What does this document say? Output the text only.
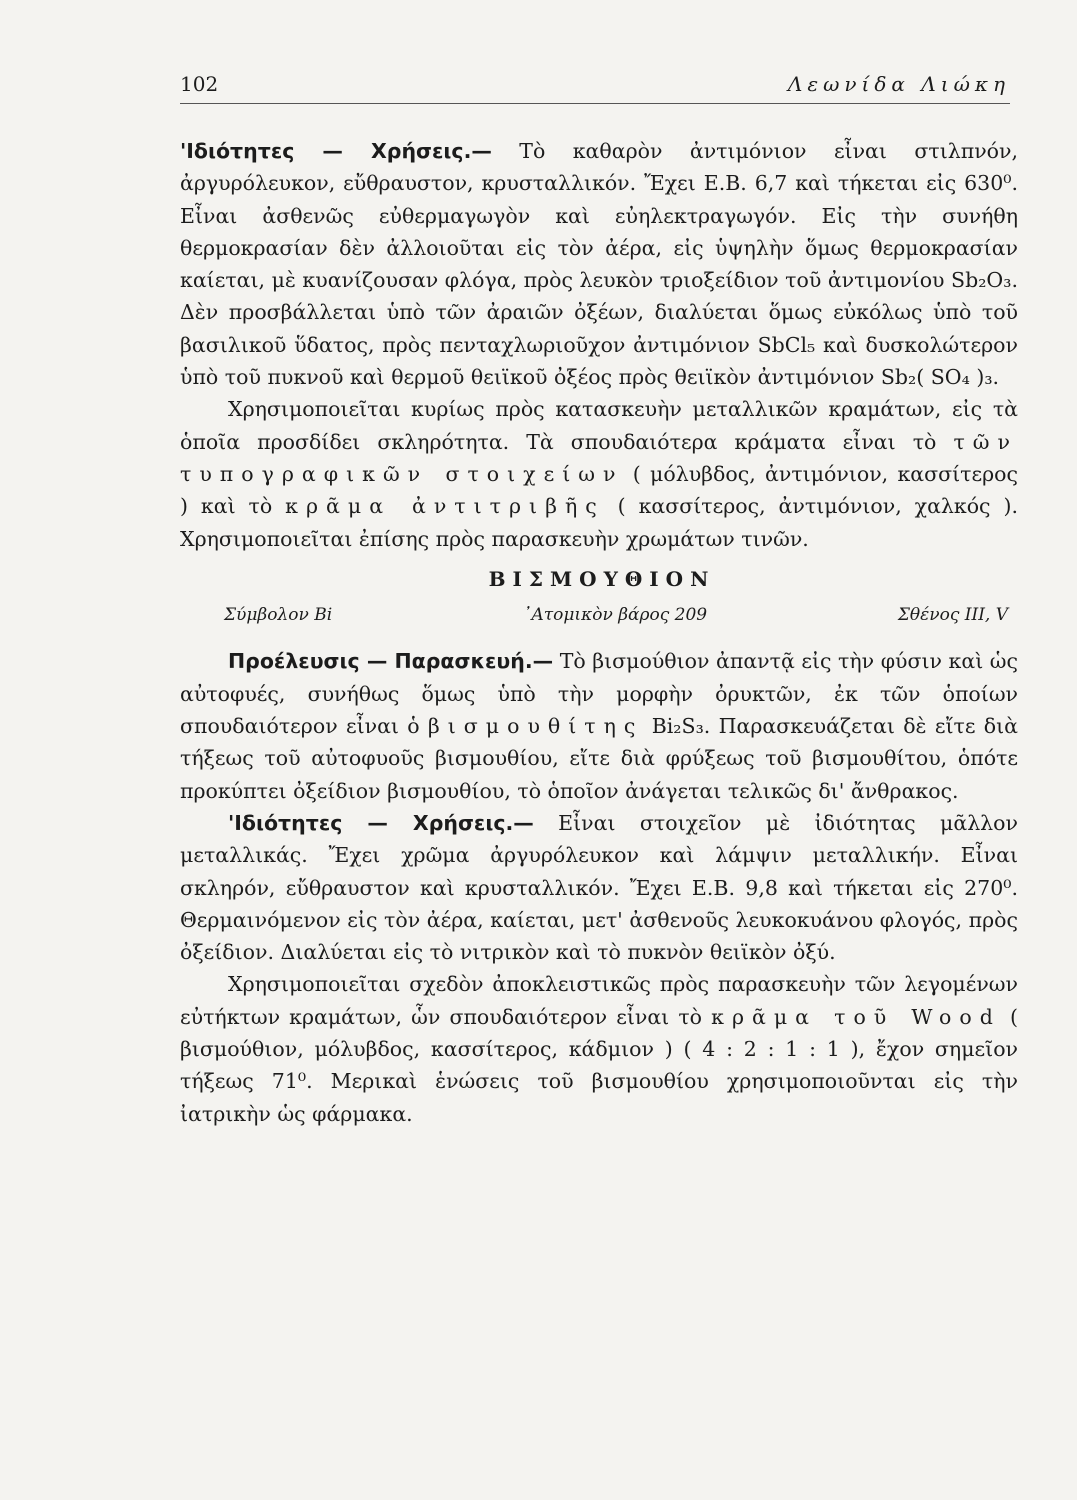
102	Λεωνίδα Λιώκη

'Ιδιότητες — Χρήσεις.— Τὸ καθαρὸν ἀντιμόνιον εἶναι στιλπνόν, ἀργυρόλευκον, εὔθραυστον, κρυσταλλικόν. Ἔχει Ε.Β. 6,7 καὶ τήκεται εἰς 630⁰. Εἶναι ἀσθενῶς εὐθερμαγωγὸν καὶ εὐηλεκτραγωγόν. Εἰς τὴν συνήθη θερμοκρασίαν δὲν ἀλλοιοῦται εἰς τὸν ἀέρα, εἰς ὑψηλὴν ὅμως θερμοκρασίαν καίεται, μὲ κυανίζουσαν φλόγα, πρὸς λευκὸν τριοξείδιον τοῦ ἀντιμονίου Sb₂O₃. Δὲν προσβάλλεται ὑπὸ τῶν ἀραιῶν ὀξέων, διαλύεται ὅμως εὐκόλως ὑπὸ τοῦ βασιλικοῦ ὕδατος, πρὸς πενταχλωριοῦχον ἀντιμόνιον SbCl₅ καὶ δυσκολώτερον ὑπὸ τοῦ πυκνοῦ καὶ θερμοῦ θειϊκοῦ ὀξέος πρὸς θειϊκὸν ἀντιμόνιον Sb₂( SO₄ )₃.

Χρησιμοποιεῖται κυρίως πρὸς κατασκευὴν μεταλλικῶν κραμάτων, εἰς τὰ ὁποῖα προσδίδει σκληρότητα. Τὰ σπουδαιότερα κράματα εἶναι τὸ τῶν τυπογραφικῶν στοιχείων ( μόλυβδος, ἀντιμόνιον, κασσίτερος ) καὶ τὸ κρᾶμα ἀντιτριβῆς ( κασσίτερος, ἀντιμόνιον, χαλκός ). Χρησιμοποιεῖται ἐπίσης πρὸς παρασκευὴν χρωμάτων τινῶν.

ΒΙΣΜΟΥΘΙΟΝ

Σύμβολον Bi	᾿Ατομικὸν βάρος 209	Σθένος III, V

Προέλευσις — Παρασκευή.— Τὸ βισμούθιον ἀπαντᾷ εἰς τὴν φύσιν καὶ ὡς αὐτοφυές, συνήθως ὅμως ὑπὸ τὴν μορφὴν ὀρυκτῶν, ἐκ τῶν ὁποίων σπουδαιότερον εἶναι ὁ βισμουθίτης Bi₂S₃. Παρασκευάζεται δὲ εἴτε διὰ τήξεως τοῦ αὐτοφυοῦς βισμουθίου, εἴτε διὰ φρύξεως τοῦ βισμουθίτου, ὁπότε προκύπτει ὀξείδιον βισμουθίου, τὸ ὁποῖον ἀνάγεται τελικῶς δι' ἄνθρακος.

'Ιδιότητες — Χρήσεις.— Εἶναι στοιχεῖον μὲ ἰδιότητας μᾶλλον μεταλλικάς. Ἔχει χρῶμα ἀργυρόλευκον καὶ λάμψιν μεταλλικήν. Εἶναι σκληρόν, εὔθραυστον καὶ κρυσταλλικόν. Ἔχει Ε.Β. 9,8 καὶ τήκεται εἰς 270⁰. Θερμαινόμενον εἰς τὸν ἀέρα, καίεται, μετ' ἀσθενοῦς λευκοκυάνου φλογός, πρὸς ὀξείδιον. Διαλύεται εἰς τὸ νιτρικὸν καὶ τὸ πυκνὸν θειϊκὸν ὀξύ.

Χρησιμοποιεῖται σχεδὸν ἀποκλειστικῶς πρὸς παρασκευὴν τῶν λεγομένων εὐτήκτων κραμάτων, ὧν σπουδαιότερον εἶναι τὸ κρᾶμα τοῦ Wood ( βισμούθιον, μόλυβδος, κασσίτερος, κάδμιον ) ( 4 : 2 : 1 : 1 ), ἔχον σημεῖον τήξεως 71⁰. Μερικαὶ ἑνώσεις τοῦ βισμουθίου χρησιμοποιοῦνται εἰς τὴν ἰατρικὴν ὡς φάρμακα.
